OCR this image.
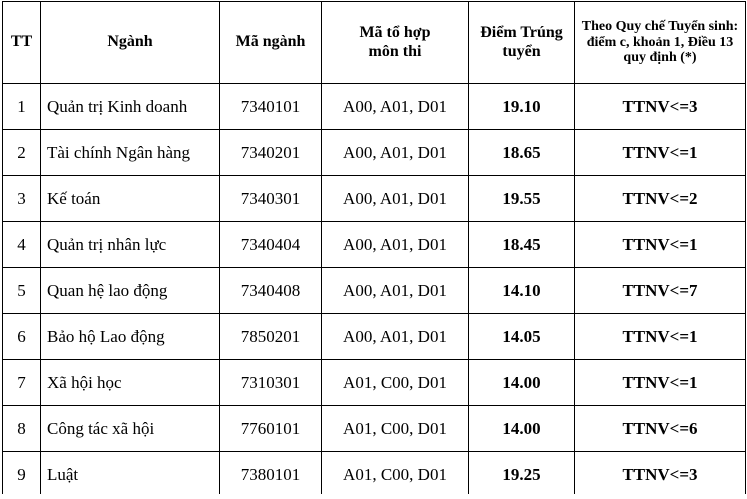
TT	Ngành	Mã ngành	Mã tổ hợp môn thi	Điểm Trúng tuyển	Theo Quy chế Tuyển sinh: điểm c, khoản 1, Điều 13 quy định (*)
1	Quản trị Kinh doanh	7340101	A00, A01, D01	19.10	TTNV<=3
2	Tài chính Ngân hàng	7340201	A00, A01, D01	18.65	TTNV<=1
3	Kế toán	7340301	A00, A01, D01	19.55	TTNV<=2
4	Quản trị nhân lực	7340404	A00, A01, D01	18.45	TTNV<=1
5	Quan hệ lao động	7340408	A00, A01, D01	14.10	TTNV<=7
6	Bảo hộ Lao động	7850201	A00, A01, D01	14.05	TTNV<=1
7	Xã hội học	7310301	A01, C00, D01	14.00	TTNV<=1
8	Công tác xã hội	7760101	A01, C00, D01	14.00	TTNV<=6
9	Luật	7380101	A01, C00, D01	19.25	TTNV<=3
